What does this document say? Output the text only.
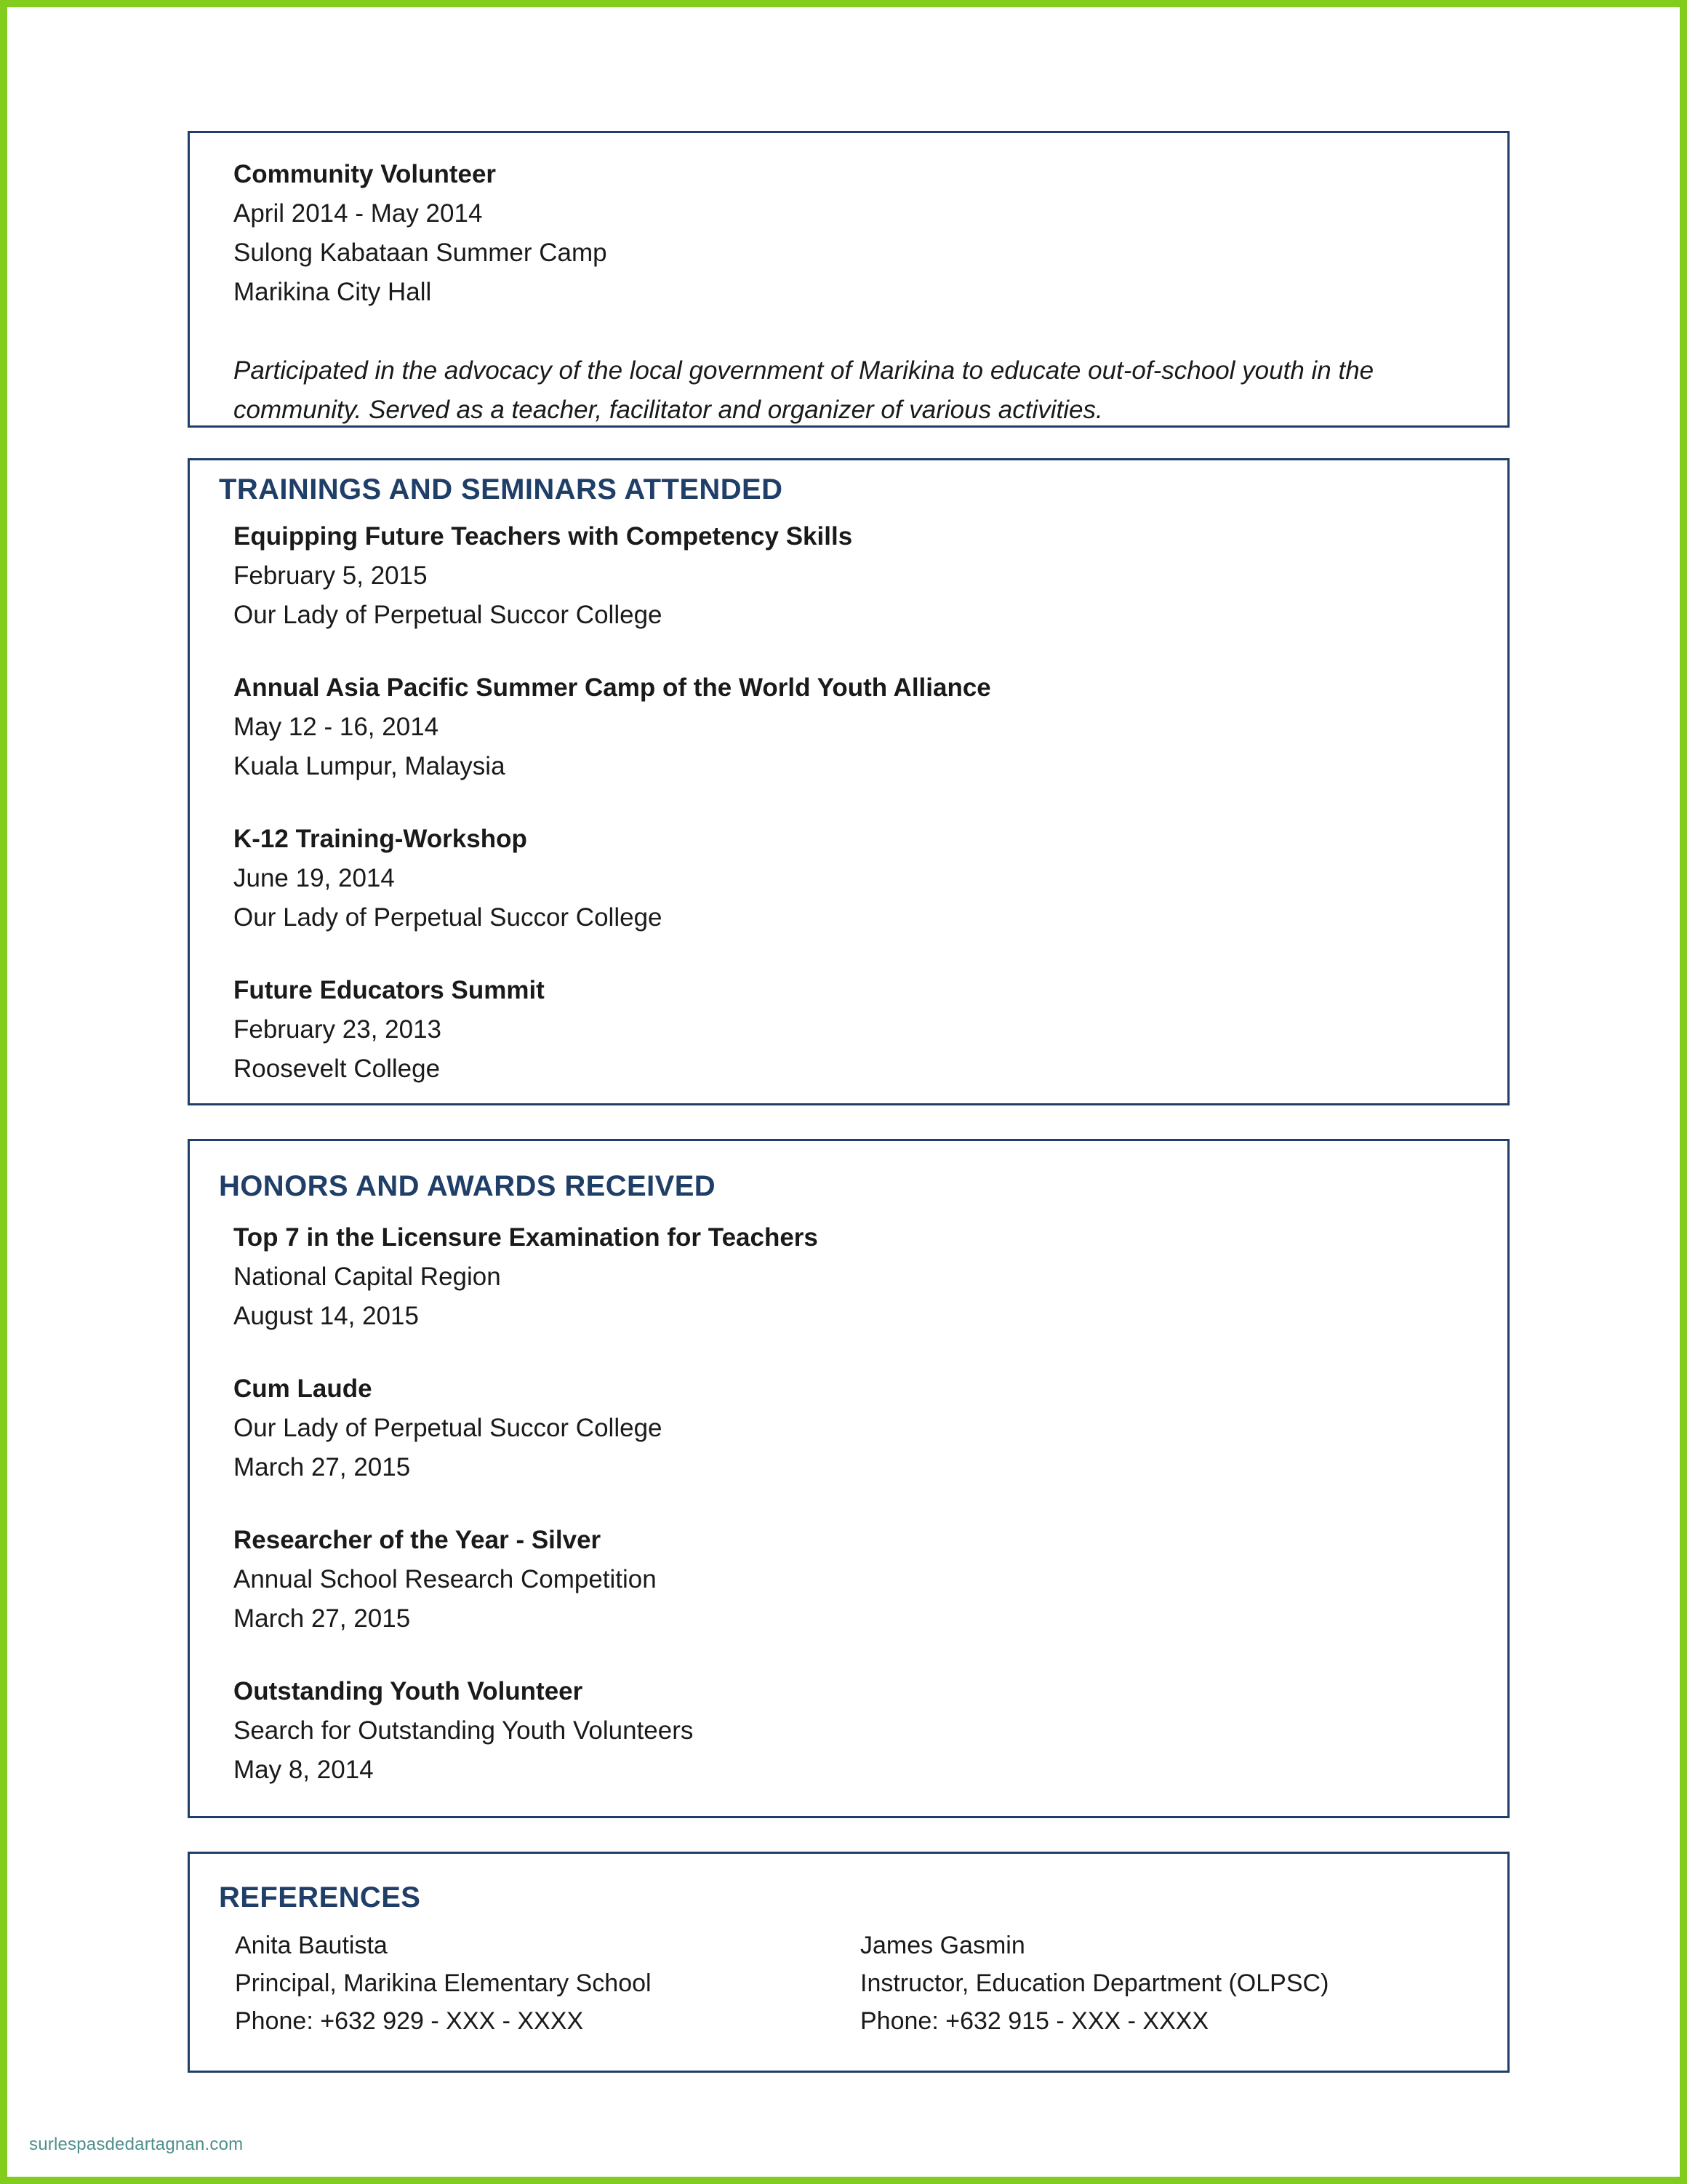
Community Volunteer
April 2014 - May 2014
Sulong Kabataan Summer Camp
Marikina City Hall
Participated in the advocacy of the local government of Marikina to educate out-of-school youth in the community. Served as a teacher, facilitator and organizer of various activities.
TRAININGS AND SEMINARS ATTENDED
Equipping Future Teachers with Competency Skills
February 5, 2015
Our Lady of Perpetual Succor College
Annual Asia Pacific Summer Camp of the World Youth Alliance
May 12 - 16, 2014
Kuala Lumpur, Malaysia
K-12 Training-Workshop
June 19, 2014
Our Lady of Perpetual Succor College
Future Educators Summit
February 23, 2013
Roosevelt College
HONORS AND AWARDS RECEIVED
Top 7 in the Licensure Examination for Teachers
National Capital Region
August 14, 2015
Cum Laude
Our Lady of Perpetual Succor College
March 27, 2015
Researcher of the Year - Silver
Annual School Research Competition
March 27, 2015
Outstanding Youth Volunteer
Search for Outstanding Youth Volunteers
May 8, 2014
REFERENCES
Anita Bautista
Principal, Marikina Elementary School
Phone: +632 929 - XXX - XXXX
James Gasmin
Instructor, Education Department (OLPSC)
Phone: +632 915 - XXX - XXXX
surlespasdedartagnan.com
